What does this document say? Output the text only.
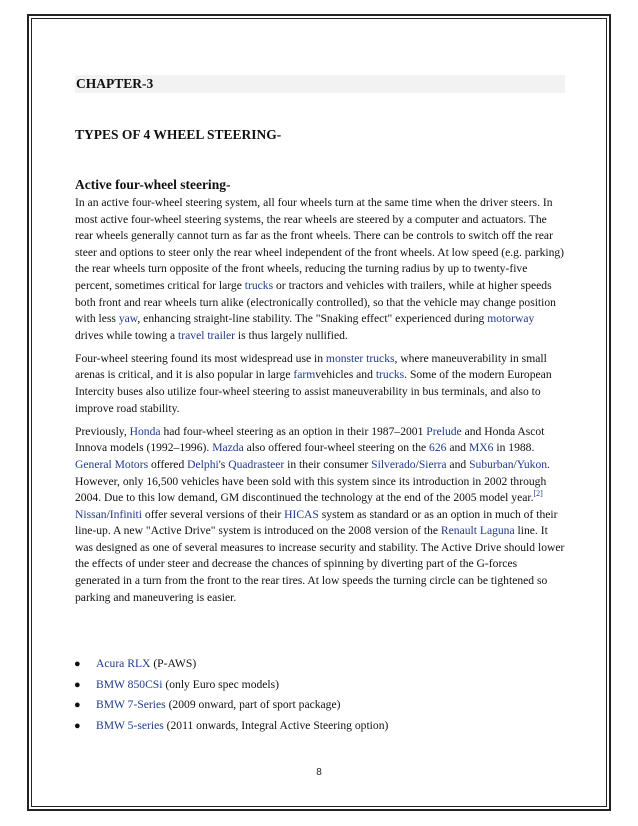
CHAPTER-3
TYPES OF 4 WHEEL STEERING-
Active four-wheel steering-

In an active four-wheel steering system, all four wheels turn at the same time when the driver steers. In most active four-wheel steering systems, the rear wheels are steered by a computer and actuators. The rear wheels generally cannot turn as far as the front wheels. There can be controls to switch off the rear steer and options to steer only the rear wheel independent of the front wheels. At low speed (e.g. parking) the rear wheels turn opposite of the front wheels, reducing the turning radius by up to twenty-five percent, sometimes critical for large trucks or tractors and vehicles with trailers, while at higher speeds both front and rear wheels turn alike (electronically controlled), so that the vehicle may change position with less yaw, enhancing straight-line stability. The "Snaking effect" experienced during motorway drives while towing a travel trailer is thus largely nullified.

Four-wheel steering found its most widespread use in monster trucks, where maneuverability in small arenas is critical, and it is also popular in large farmvehicles and trucks. Some of the modern European Intercity buses also utilize four-wheel steering to assist maneuverability in bus terminals, and also to improve road stability.

Previously, Honda had four-wheel steering as an option in their 1987–2001 Prelude and Honda Ascot Innova models (1992–1996). Mazda also offered four-wheel steering on the 626 and MX6 in 1988. General Motors offered Delphi's Quadrasteer in their consumer Silverado/Sierra and Suburban/Yukon. However, only 16,500 vehicles have been sold with this system since its introduction in 2002 through 2004. Due to this low demand, GM discontinued the technology at the end of the 2005 model year.[2] Nissan/Infiniti offer several versions of their HICAS system as standard or as an option in much of their line-up. A new "Active Drive" system is introduced on the 2008 version of the Renault Laguna line. It was designed as one of several measures to increase security and stability. The Active Drive should lower the effects of under steer and decrease the chances of spinning by diverting part of the G-forces generated in a turn from the front to the rear tires. At low speeds the turning circle can be tightened so parking and maneuvering is easier.

● Acura RLX (P-AWS)
● BMW 850CSi (only Euro spec models)
● BMW 7-Series (2009 onward, part of sport package)
● BMW 5-series (2011 onwards, Integral Active Steering option)
8
